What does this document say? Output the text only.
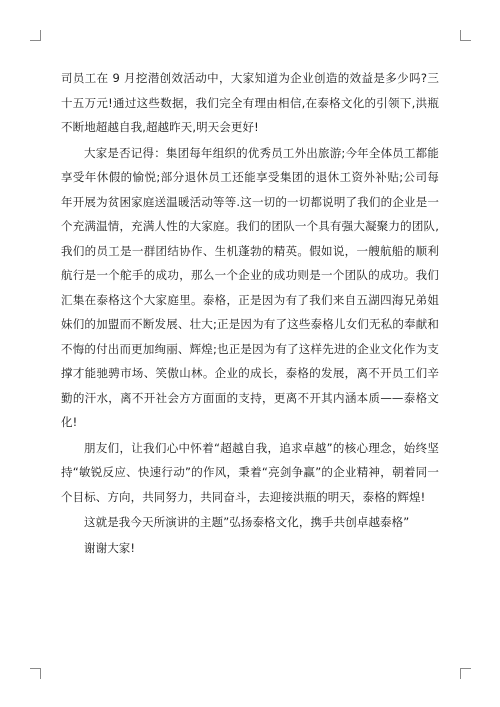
司员工在 9 月挖潜创效活动中，大家知道为企业创造的效益是多少吗?三十五万元!通过这些数据，我们完全有理由相信,在泰格文化的引领下,洪瓶不断地超越自我,超越昨天,明天会更好!

大家是否记得：集团每年组织的优秀员工外出旅游;今年全体员工都能享受年休假的愉悦;部分退休员工还能享受集团的退休工资外补贴;公司每年开展为贫困家庭送温暖活动等等.这一切的一切都说明了我们的企业是一个充满温情，充满人性的大家庭。我们的团队一个具有强大凝聚力的团队,我们的员工是一群团结协作、生机蓬勃的精英。假如说，一艘航船的顺利航行是一个舵手的成功，那么一个企业的成功则是一个团队的成功。我们汇集在泰格这个大家庭里。泰格，正是因为有了我们来自五湖四海兄弟姐妹们的加盟而不断发展、壮大;正是因为有了这些泰格儿女们无私的奉献和不悔的付出而更加绚丽、辉煌;也正是因为有了这样先进的企业文化作为支撑才能驰骋市场、笑傲山林。企业的成长，泰格的发展，离不开员工们辛勤的汗水，离不开社会方方面面的支持，更离不开其内涵本质——泰格文化!

朋友们，让我们心中怀着“超越自我，追求卓越”的核心理念，始终坚持“敏锐反应、快速行动”的作风，秉着“亮剑争赢”的企业精神，朝着同一个目标、方向，共同努力，共同奋斗，去迎接洪瓶的明天，泰格的辉煌!

这就是我今天所演讲的主题”弘扬泰格文化，携手共创卓越泰格”

谢谢大家!
